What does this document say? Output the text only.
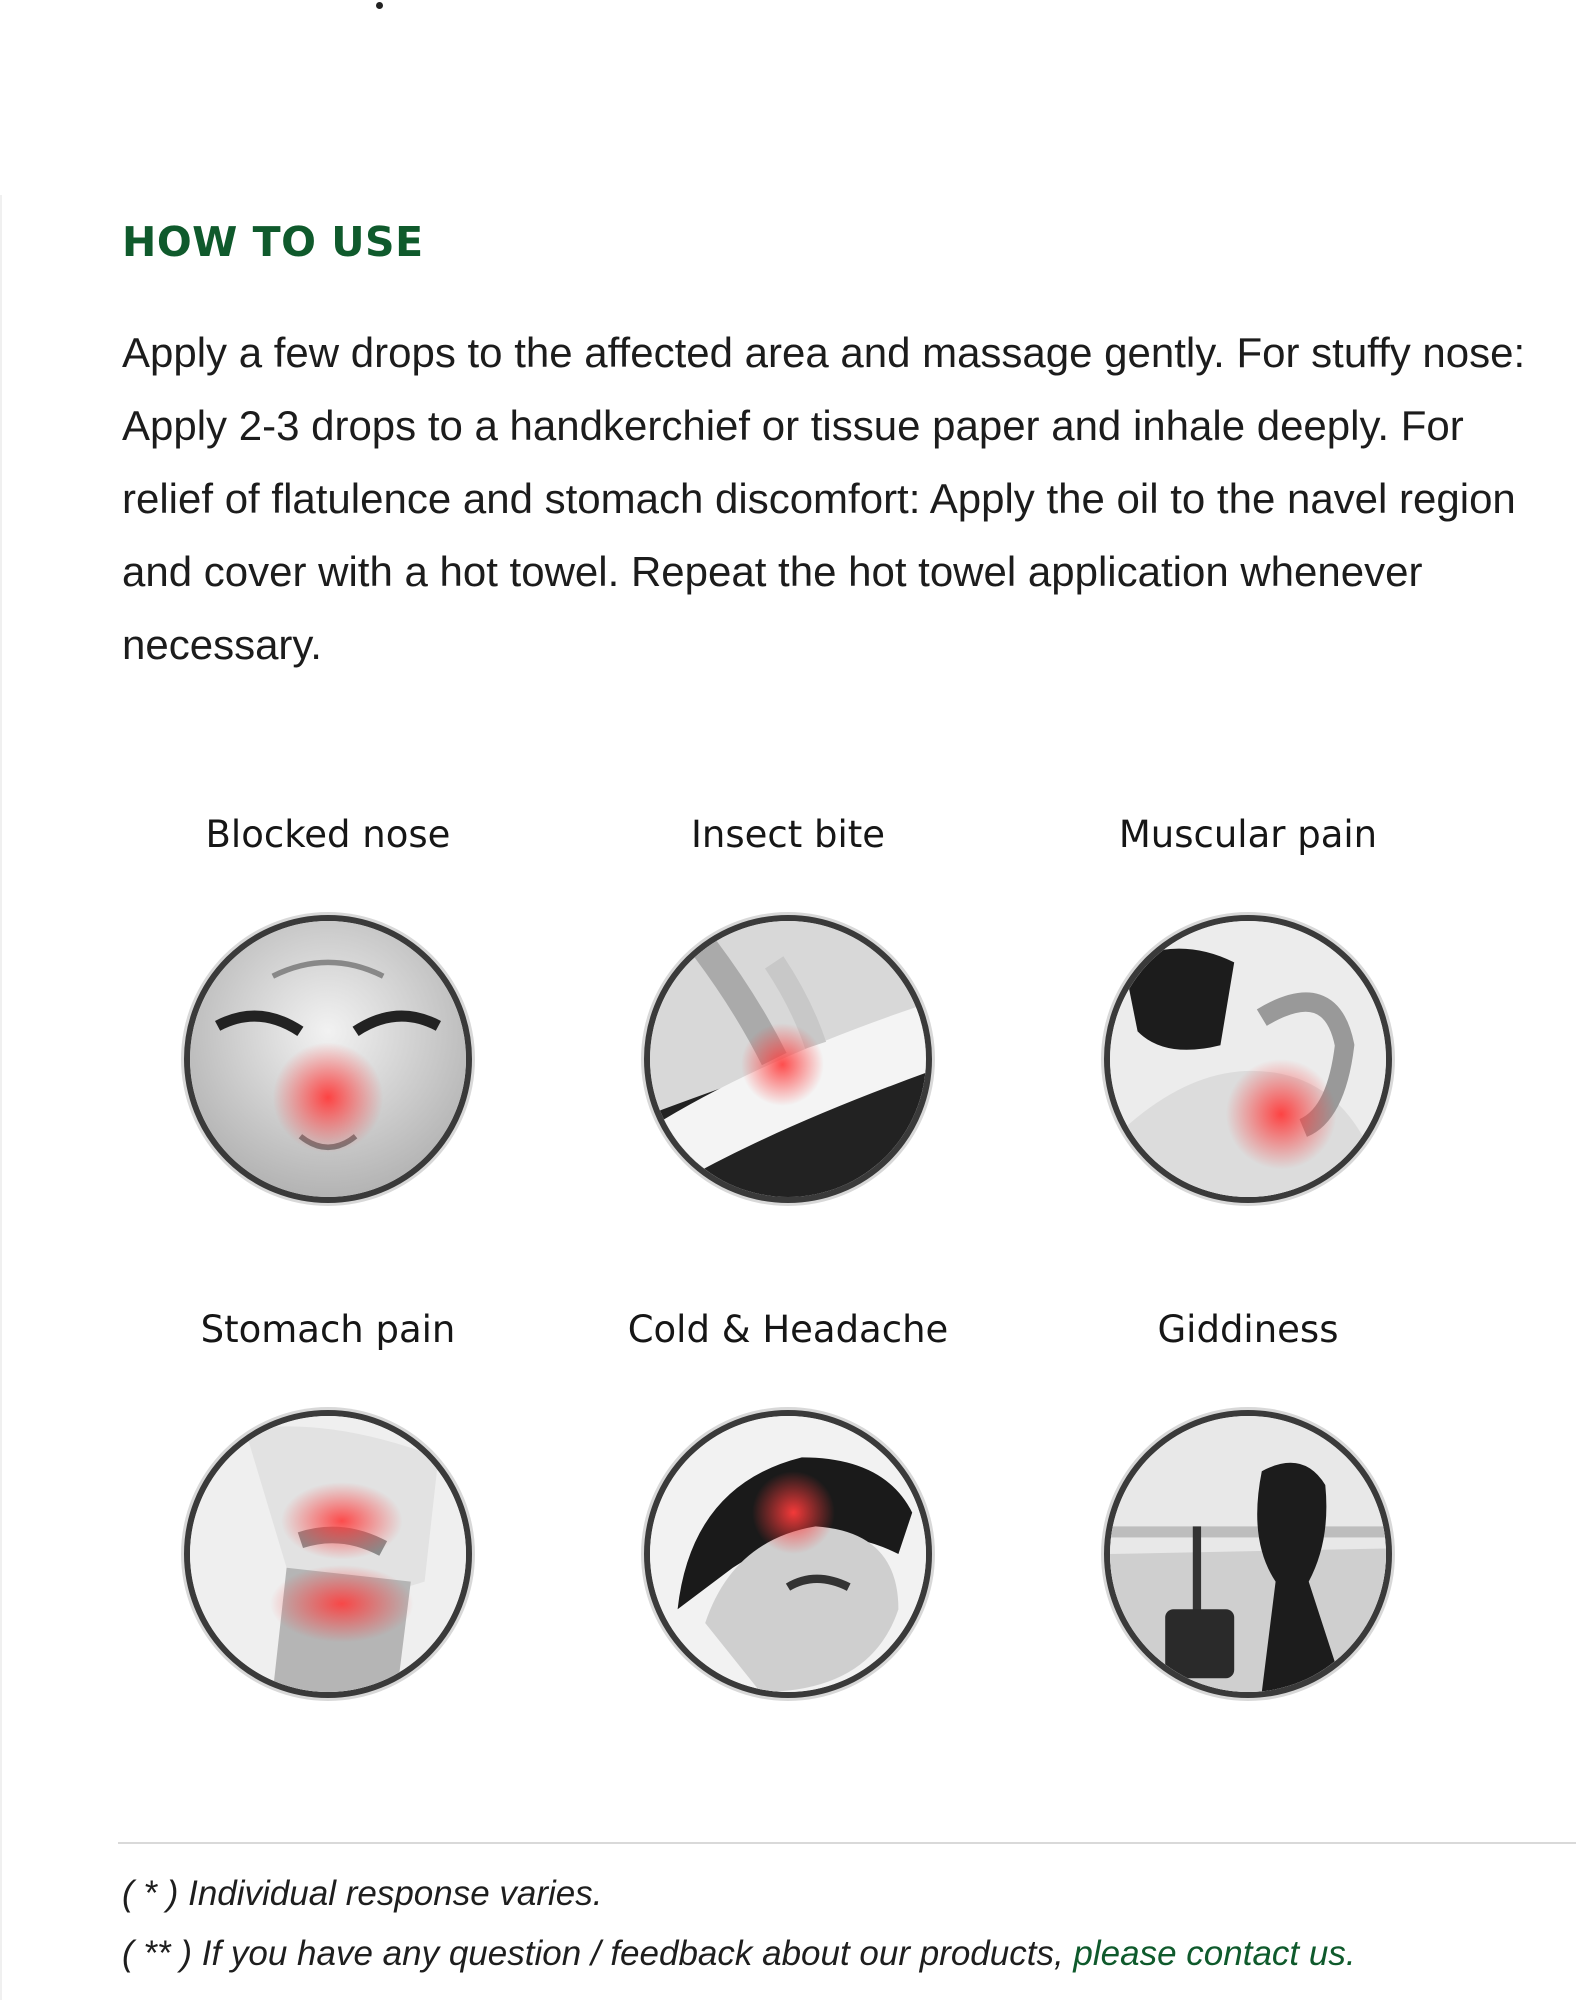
HOW TO USE

Apply a few drops to the affected area and massage gently. For stuffy nose: Apply 2-3 drops to a handkerchief or tissue paper and inhale deeply. For relief of flatulence and stomach discomfort: Apply the oil to the navel region and cover with a hot towel. Repeat the hot towel application whenever necessary.

Blocked nose	Insect bite	Muscular pain
Stomach pain	Cold & Headache	Giddiness

( * ) Individual response varies.

( ** ) If you have any question / feedback about our products, please contact us.
